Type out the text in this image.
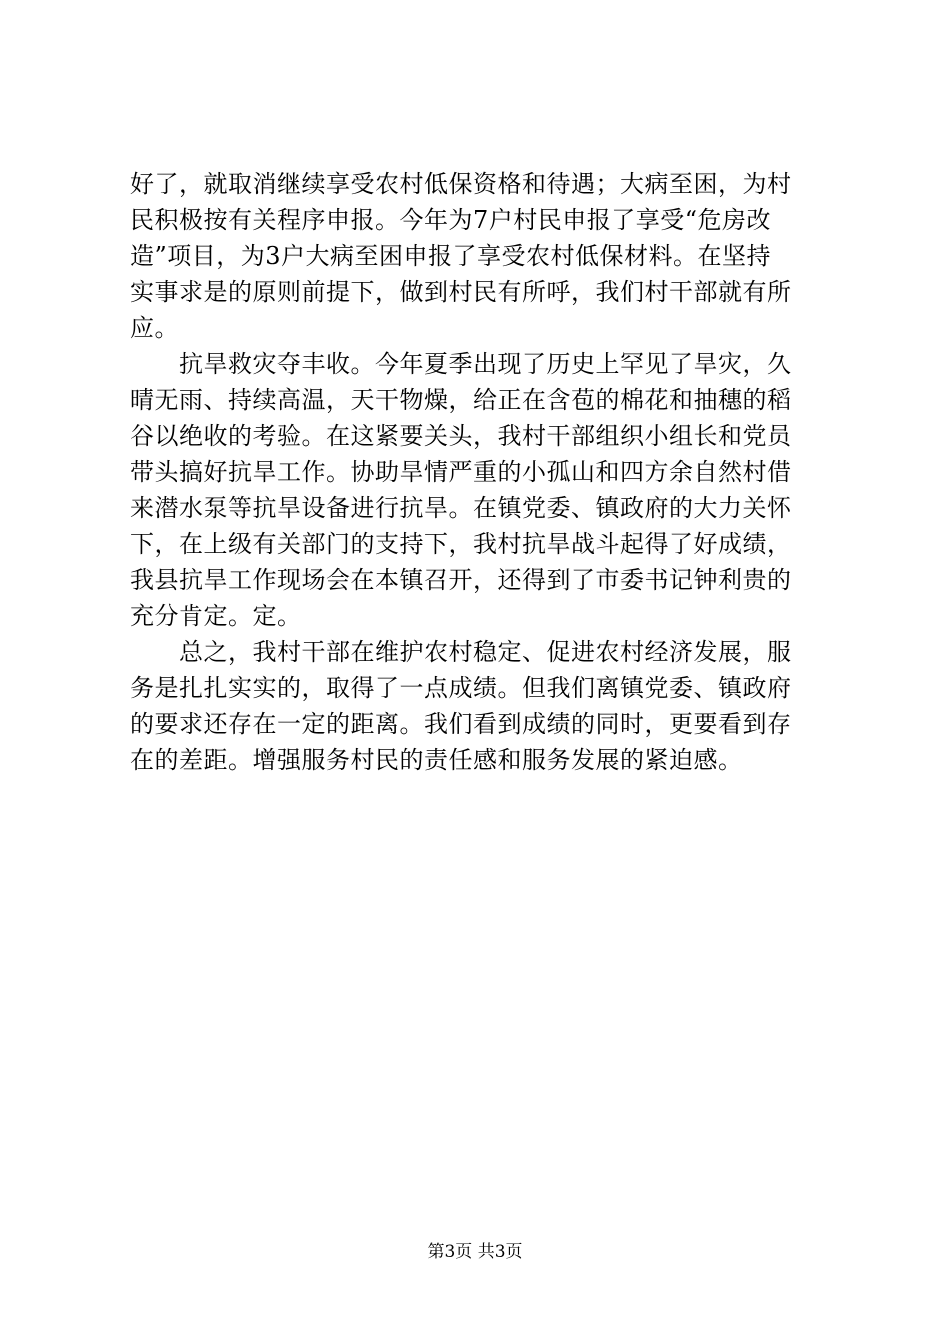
好了，就取消继续享受农村低保资格和待遇；大病至困，为村
民积极按有关程序申报。今年为7户村民申报了享受“危房改
造”项目，为3户大病至困申报了享受农村低保材料。在坚持
实事求是的原则前提下，做到村民有所呼，我们村干部就有所
应。
　　抗旱救灾夺丰收。今年夏季出现了历史上罕见了旱灾，久
晴无雨、持续高温，天干物燥，给正在含苞的棉花和抽穗的稻
谷以绝收的考验。在这紧要关头，我村干部组织小组长和党员
带头搞好抗旱工作。协助旱情严重的小孤山和四方余自然村借
来潜水泵等抗旱设备进行抗旱。在镇党委、镇政府的大力关怀
下，在上级有关部门的支持下，我村抗旱战斗起得了好成绩，
我县抗旱工作现场会在本镇召开，还得到了市委书记钟利贵的
充分肯定。定。
　　总之，我村干部在维护农村稳定、促进农村经济发展，服
务是扎扎实实的，取得了一点成绩。但我们离镇党委、镇政府
的要求还存在一定的距离。我们看到成绩的同时，更要看到存
在的差距。增强服务村民的责任感和服务发展的紧迫感。
第3页 共3页
